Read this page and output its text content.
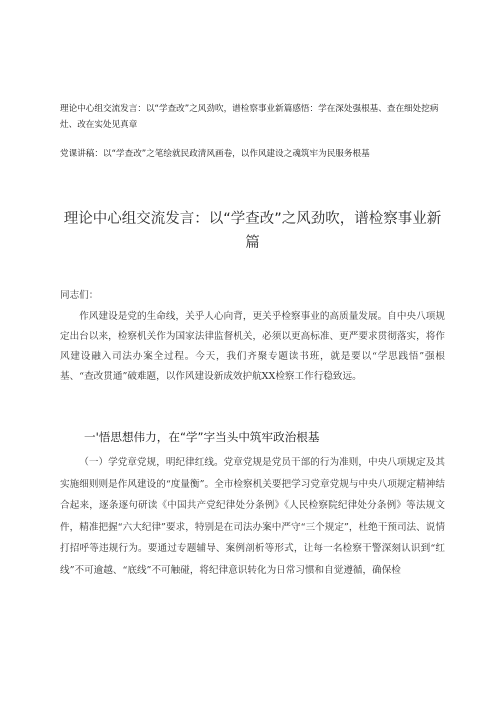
理论中心组交流发言：以“学查改”之风劲吹，谱检察事业新篇感悟：学在深处强根基、查在细处挖病灶、改在实处见真章
党课讲稿：以“学查改”之笔绘就民政清风画卷，以作风建设之魂筑牢为民服务根基
理论中心组交流发言：以“学查改”之风劲吹，谱检察事业新篇
同志们：
作风建设是党的生命线，关乎人心向背，更关乎检察事业的高质量发展。自中央八项规定出台以来，检察机关作为国家法律监督机关，必须以更高标准、更严要求贯彻落实，将作风建设融入司法办案全过程。今天，我们齐聚专题读书班，就是要以“学思践悟”强根基、“查改贯通”破难题，以作风建设新成效护航XX检察工作行稳致远。
一'悟思想伟力，在“学”字当头中筑牢政治根基
（一）学党章党规，明纪律红线。党章党规是党员干部的行为准则，中央八项规定及其实施细则则是作风建设的“度量衡”。全市检察机关要把学习党章党规与中央八项规定精神结合起来，逐条逐句研读《中国共产党纪律处分条例》《人民检察院纪律处分条例》等法规文件，精准把握“六大纪律”要求，特别是在司法办案中严守“三个规定”，杜绝干预司法、说情打招呼等违规行为。要通过专题辅导、案例剖析等形式，让每一名检察干警深刻认识到“红线”不可逾越、“底线”不可触碰，将纪律意识转化为日常习惯和自觉遵循，确保检
